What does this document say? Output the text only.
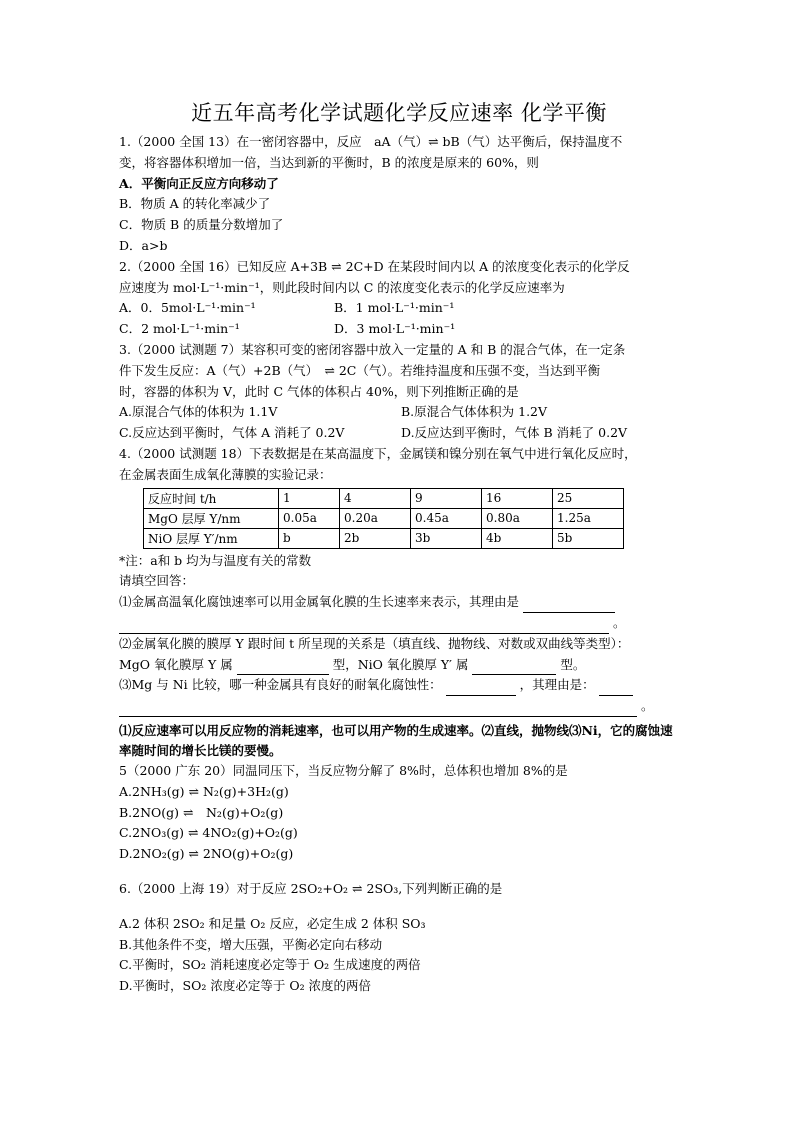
近五年高考化学试题化学反应速率 化学平衡
1.（2000 全国 13）在一密闭容器中，反应　aA（气）⇌ bB（气）达平衡后，保持温度不
变，将容器体积增加一倍，当达到新的平衡时，B 的浓度是原来的 60%，则
A．平衡向正反应方向移动了
B．物质 A 的转化率减少了
C．物质 B 的质量分数增加了
D．a>b
2.（2000 全国 16）已知反应 A+3B ⇌ 2C+D 在某段时间内以 A 的浓度变化表示的化学反
应速度为 mol·L⁻¹·min⁻¹，则此段时间内以 C 的浓度变化表示的化学反应速率为
A．0．5mol·L⁻¹·min⁻¹	B．1 mol·L⁻¹·min⁻¹
C．2 mol·L⁻¹·min⁻¹	D．3 mol·L⁻¹·min⁻¹
3.（2000 试测题 7）某容积可变的密闭容器中放入一定量的 A 和 B 的混合气体，在一定条
件下发生反应：A（气）+2B（气）　⇌ 2C（气）。若维持温度和压强不变，当达到平衡
时，容器的体积为 V，此时 C 气体的体积占 40%，则下列推断正确的是
A.原混合气体的体积为 1.1V	B.原混合气体体积为 1.2V
C.反应达到平衡时，气体 A 消耗了 0.2V	D.反应达到平衡时，气体 B 消耗了 0.2V
4.（2000 试测题 18）下表数据是在某高温度下，金属镁和镍分别在氧气中进行氧化反应时，
在金属表面生成氧化薄膜的实验记录：
反应时间 t/h	1	4	9	16	25
MgO 层厚 Y/nm	0.05a	0.20a	0.45a	0.80a	1.25a
NiO 层厚 Y′/nm	b	2b	3b	4b	5b
*注：a和 b 均为与温度有关的常数
请填空回答：
⑴金属高温氧化腐蚀速率可以用金属氧化膜的生长速率来表示，其理由是
。
⑵金属氧化膜的膜厚 Y 跟时间 t 所呈现的关系是（填直线、抛物线、对数或双曲线等类型）：
MgO 氧化膜厚 Y 属	型，NiO 氧化膜厚 Y′ 属	型。
⑶Mg 与 Ni 比较，哪一种金属具有良好的耐氧化腐蚀性：	，其理由是：
。
⑴反应速率可以用反应物的消耗速率，也可以用产物的生成速率。⑵直线，抛物线⑶Ni，它的腐蚀速率随时间的增长比镁的要慢。
5（2000 广东 20）同温同压下，当反应物分解了 8%时，总体积也增加 8%的是
A.2NH₃(g) ⇌ N₂(g)+3H₂(g)
B.2NO(g) ⇌　N₂(g)+O₂(g)
C.2NO₃(g) ⇌ 4NO₂(g)+O₂(g)
D.2NO₂(g) ⇌ 2NO(g)+O₂(g)
6.（2000 上海 19）对于反应 2SO₂+O₂ ⇌ 2SO₃,下列判断正确的是
A.2 体积 2SO₂ 和足量 O₂ 反应，必定生成 2 体积 SO₃
B.其他条件不变，增大压强，平衡必定向右移动
C.平衡时，SO₂ 消耗速度必定等于 O₂ 生成速度的两倍
D.平衡时，SO₂ 浓度必定等于 O₂ 浓度的两倍
